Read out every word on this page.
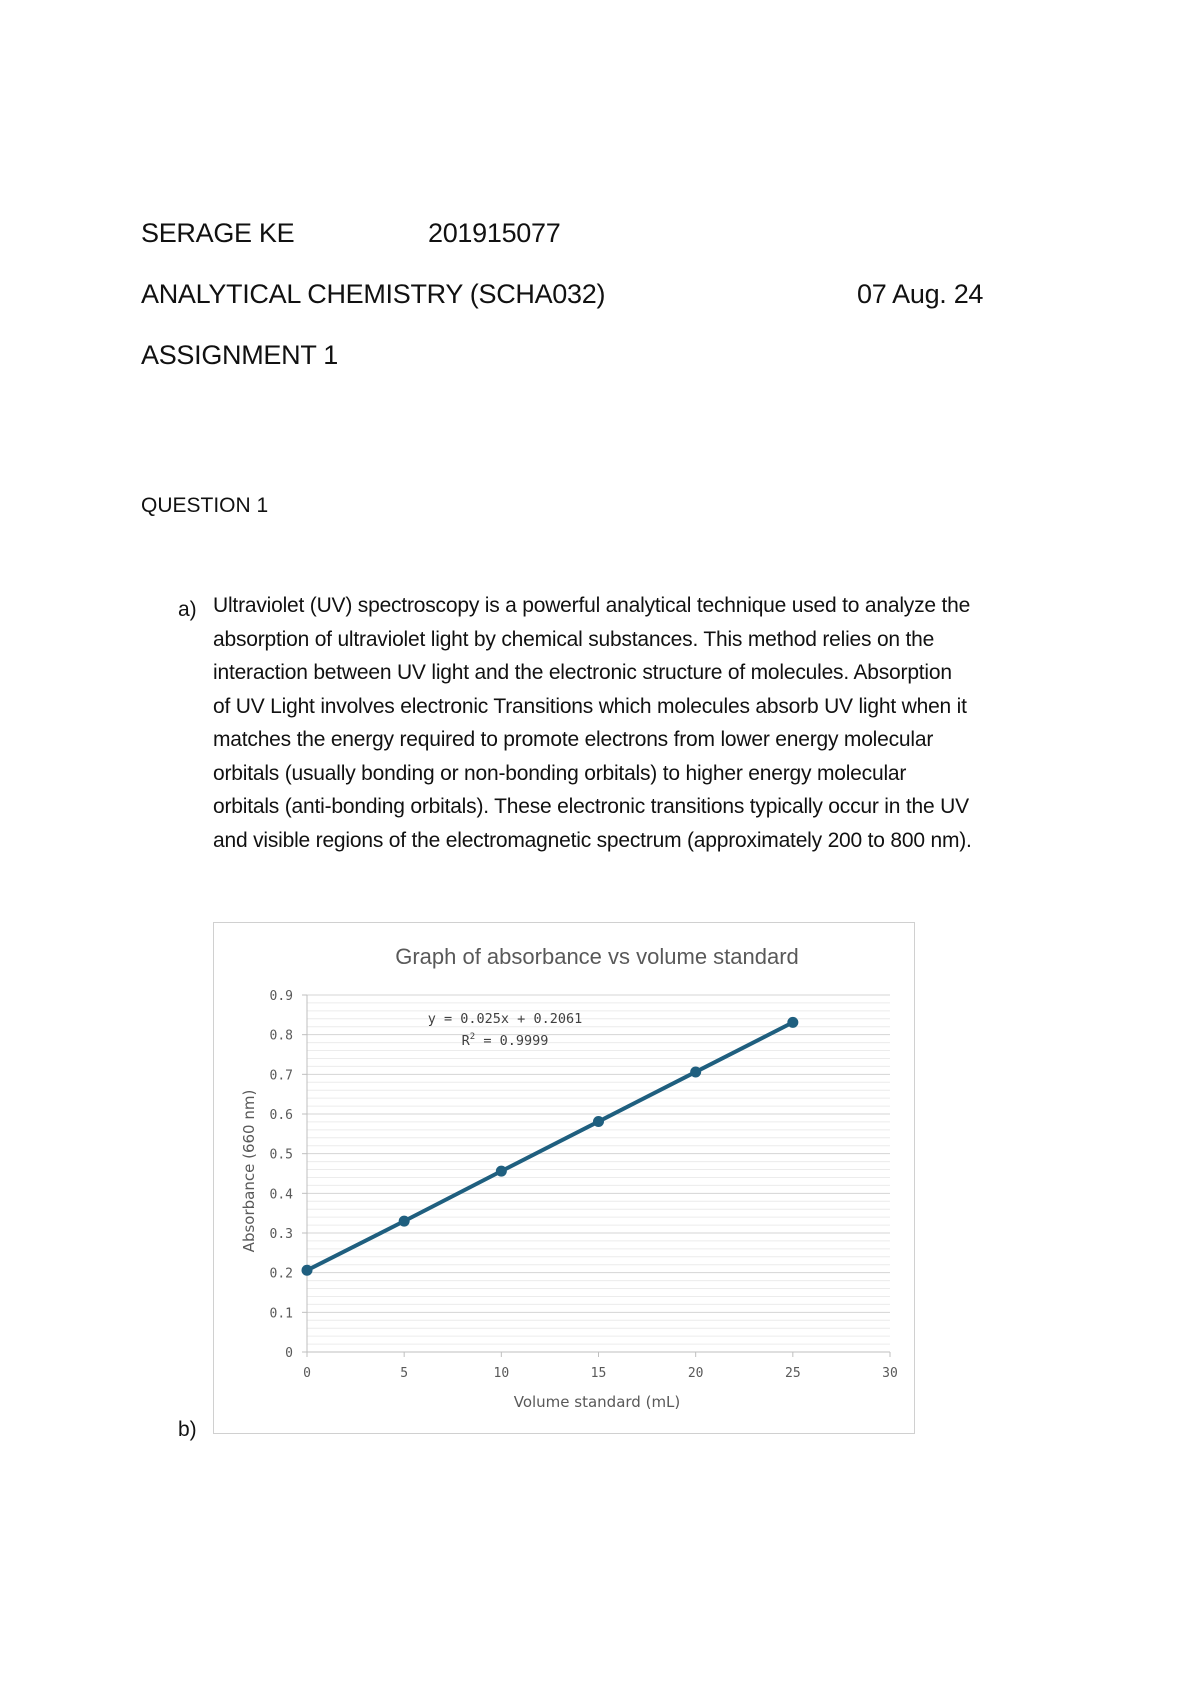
SERAGE KE	201915077
ANALYTICAL CHEMISTRY (SCHA032)	07 Aug. 24
ASSIGNMENT 1
QUESTION 1
a) Ultraviolet (UV) spectroscopy is a powerful analytical technique used to analyze the
absorption of ultraviolet light by chemical substances. This method relies on the
interaction between UV light and the electronic structure of molecules. Absorption
of UV Light involves electronic Transitions which molecules absorb UV light when it
matches the energy required to promote electrons from lower energy molecular
orbitals (usually bonding or non-bonding orbitals) to higher energy molecular
orbitals (anti-bonding orbitals). These electronic transitions typically occur in the UV
and visible regions of the electromagnetic spectrum (approximately 200 to 800 nm).
Graph of absorbance vs volume standard
0
0.1
0.2
0.3
0.4
0.5
0.6
0.7
0.8
0.9
0	5	10	15	20	25	30
y = 0.025x + 0.2061
$R^2 = 0.9999$
Volume standard (mL)
Absorbance (660 nm)
b)
